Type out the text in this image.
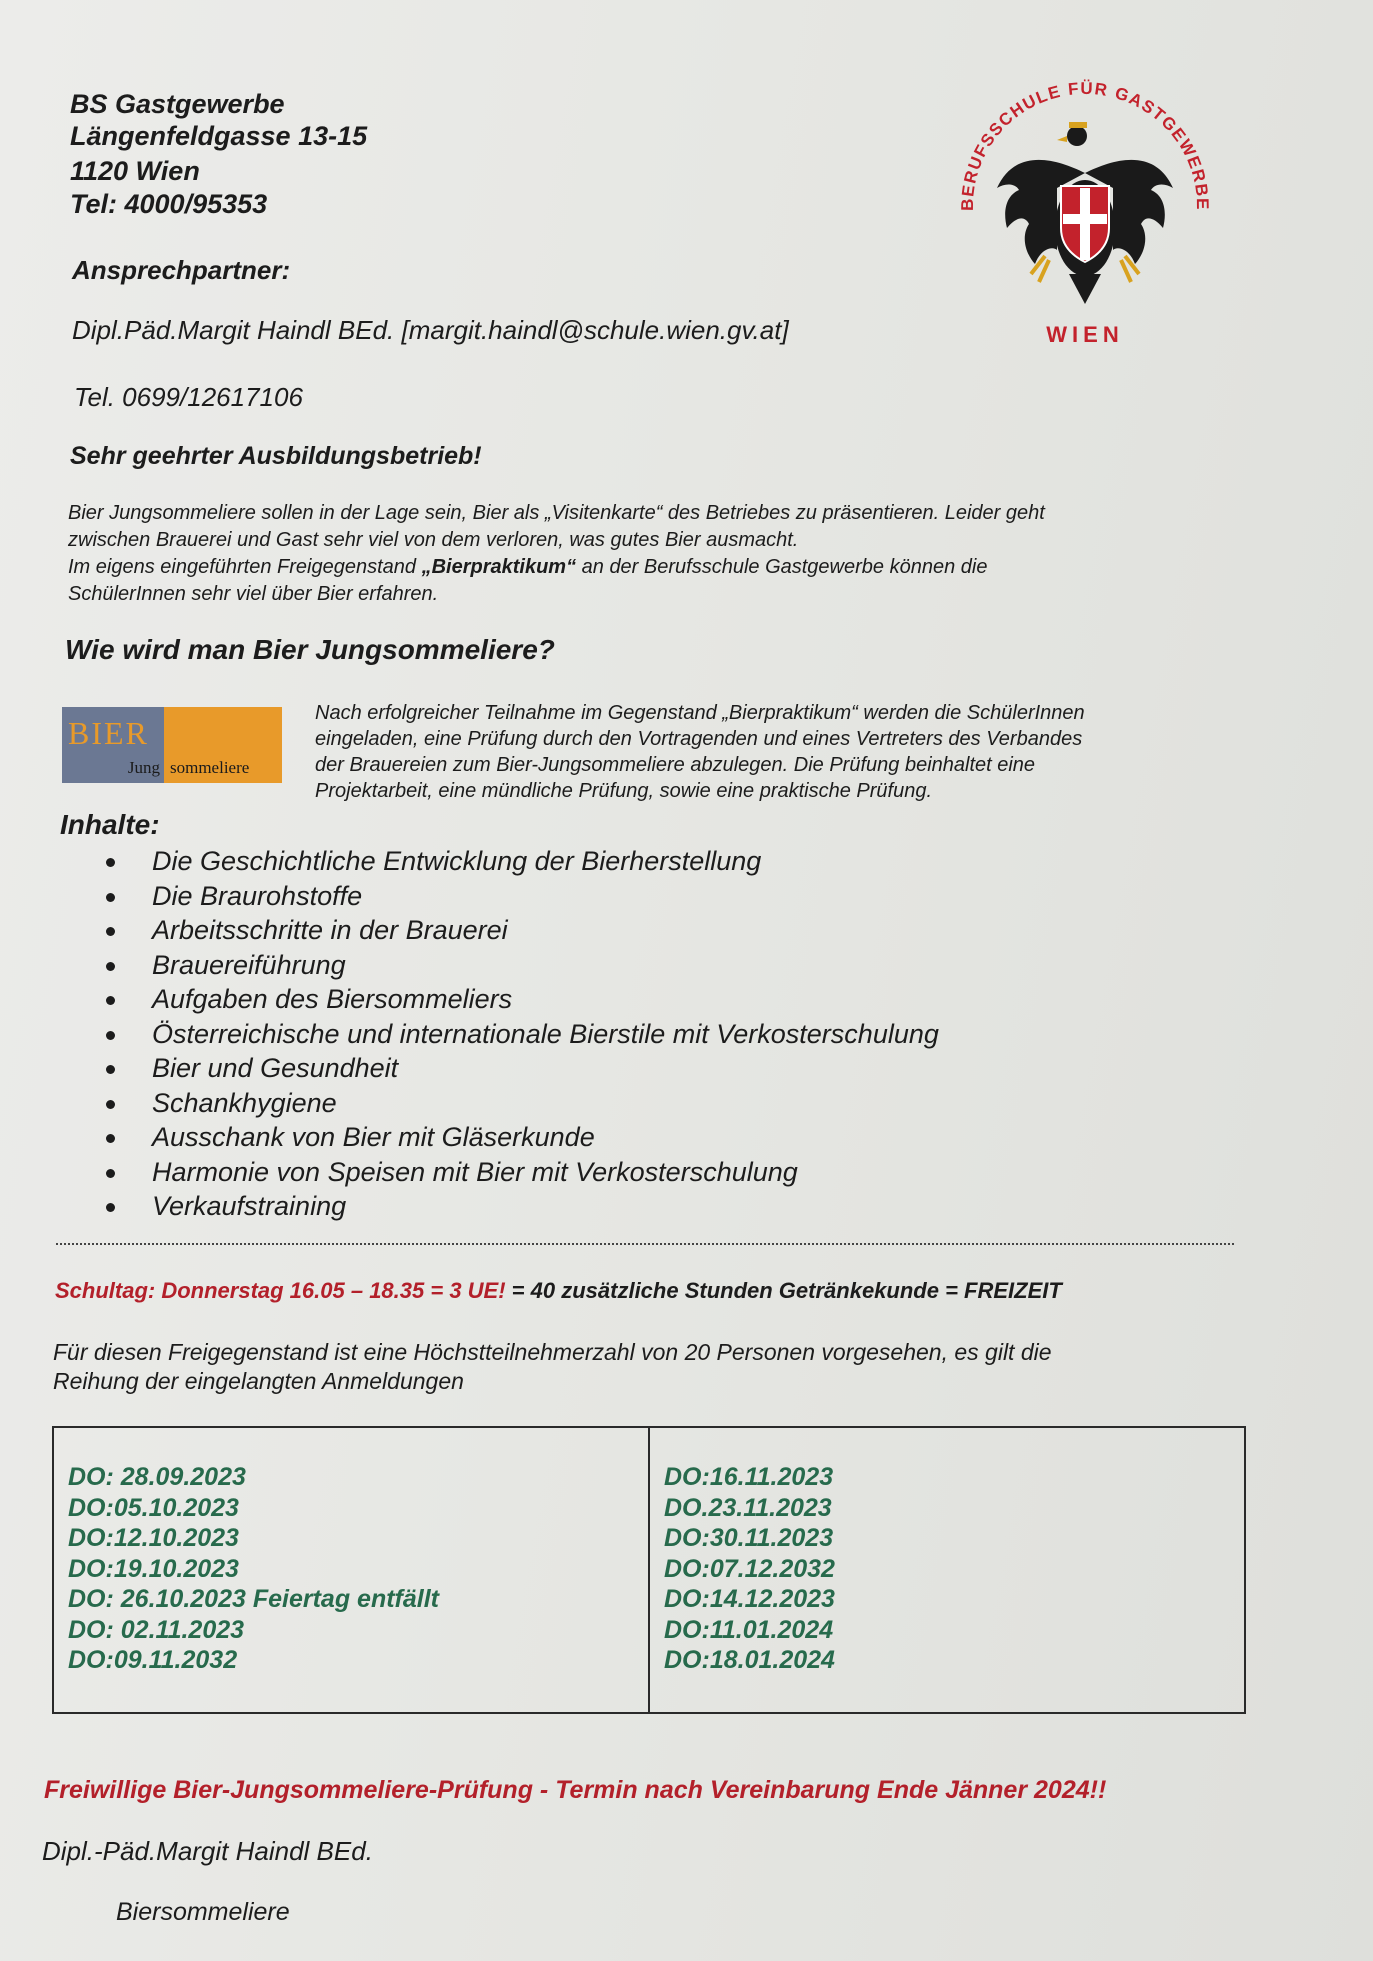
BS Gastgewerbe
Längenfeldgasse 13-15
1120 Wien
Tel: 4000/95353
Ansprechpartner:
Dipl.Päd.Margit Haindl BEd. [margit.haindl@schule.wien.gv.at]
Tel. 0699/12617106
BERUFSSCHULE FÜR GASTGEWERBE
WIEN
Sehr geehrter Ausbildungsbetrieb!
Bier Jungsommeliere sollen in der Lage sein, Bier als „Visitenkarte“ des Betriebes zu präsentieren. Leider geht
zwischen Brauerei und Gast sehr viel von dem verloren, was gutes Bier ausmacht.
Im eigens eingeführten Freigegenstand „Bierpraktikum“ an der Berufsschule Gastgewerbe können die
SchülerInnen sehr viel über Bier erfahren.
Wie wird man Bier Jungsommeliere?
BIER
Jung sommeliere
Nach erfolgreicher Teilnahme im Gegenstand „Bierpraktikum“ werden die SchülerInnen
eingeladen, eine Prüfung durch den Vortragenden und eines Vertreters des Verbandes
der Brauereien zum Bier-Jungsommeliere abzulegen. Die Prüfung beinhaltet eine
Projektarbeit, eine mündliche Prüfung, sowie eine praktische Prüfung.
Inhalte:
Die Geschichtliche Entwicklung der Bierherstellung
Die Braurohstoffe
Arbeitsschritte in der Brauerei
Brauereiführung
Aufgaben des Biersommeliers
Österreichische und internationale Bierstile mit Verkosterschulung
Bier und Gesundheit
Schankhygiene
Ausschank von Bier mit Gläserkunde
Harmonie von Speisen mit Bier mit Verkosterschulung
Verkaufstraining
Schultag: Donnerstag 16.05 – 18.35 = 3 UE! = 40 zusätzliche Stunden Getränkekunde = FREIZEIT
Für diesen Freigegenstand ist eine Höchstteilnehmerzahl von 20 Personen vorgesehen, es gilt die
Reihung der eingelangten Anmeldungen
DO: 28.09.2023
DO:05.10.2023
DO:12.10.2023
DO:19.10.2023
DO: 26.10.2023 Feiertag entfällt
DO: 02.11.2023
DO:09.11.2032
DO:16.11.2023
DO.23.11.2023
DO:30.11.2023
DO:07.12.2032
DO:14.12.2023
DO:11.01.2024
DO:18.01.2024
Freiwillige Bier-Jungsommeliere-Prüfung - Termin nach Vereinbarung Ende Jänner 2024!!
Dipl.-Päd.Margit Haindl BEd.
Biersommeliere
